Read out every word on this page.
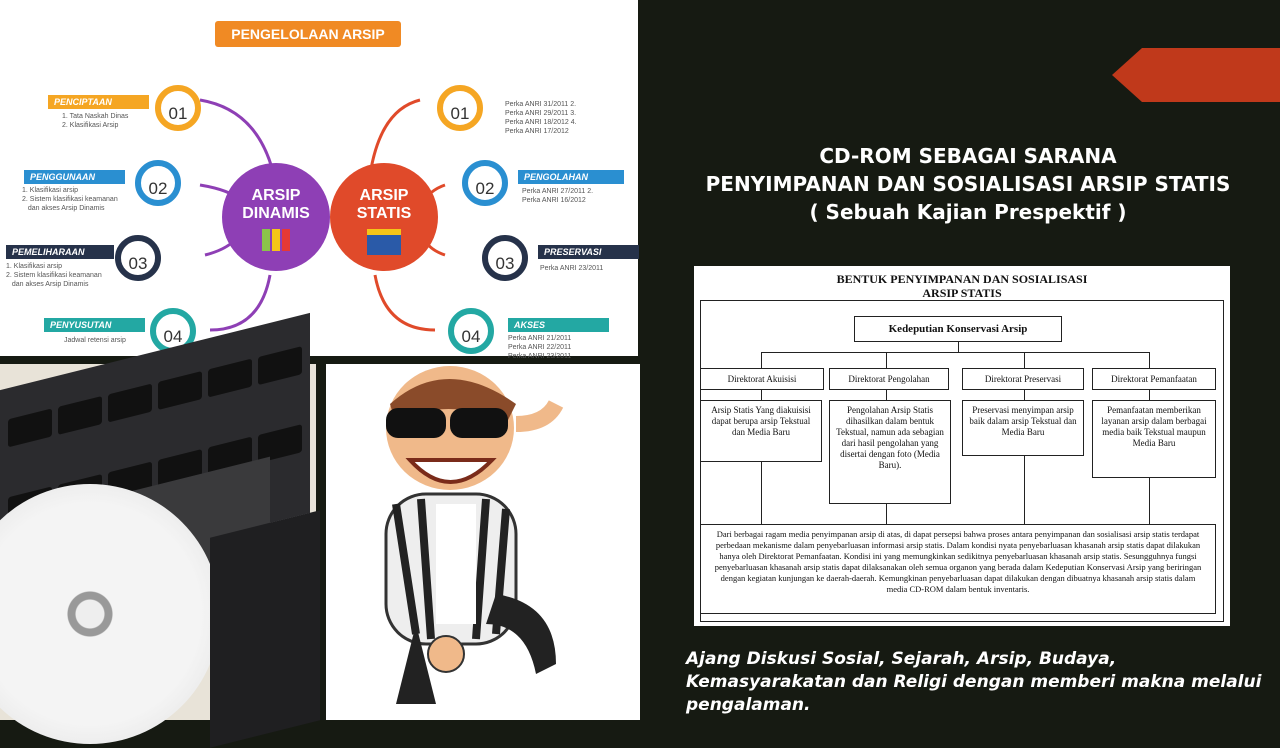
PENGELOLAAN ARSIP
PENCIPTAAN
1. Tata Naskah Dinas
2. Klasifikasi Arsip
01
PENGGUNAAN
1. Klasifikasi arsip
2. Sistem klasifikasi keamanan
dan akses Arsip Dinamis
02
PEMELIHARAAN
1. Klasifikasi arsip
2. Sistem klasifikasi keamanan
dan akses Arsip Dinamis
03
PENYUSUTAN
Jadwal retensi arsip	04
ARSIP
DINAMIS
ARSIP
STATIS
01	Perka ANRI 31/2011 2.
Perka ANRI 29/2011 3.
Perka ANRI 18/2012 4.
Perka ANRI 17/2012
02
PENGOLAHAN
Perka ANRI 27/2011 2.
Perka ANRI 16/2012
03
PRESERVASI
Perka ANRI 23/2011
04
AKSES
Perka ANRI 21/2011
Perka ANRI 22/2011
Perka ANRI 23/2011
CD-ROM SEBAGAI SARANA
PENYIMPANAN DAN SOSIALISASI ARSIP STATIS
( Sebuah Kajian Prespektif )
BENTUK PENYIMPANAN DAN SOSIALISASI
ARSIP STATIS
Kedeputian Konservasi Arsip
Direktorat Akuisisi	Direktorat Pengolahan	Direktorat Preservasi	Direktorat Pemanfaatan
Arsip Statis Yang diakuisisi dapat berupa arsip Tekstual dan Media Baru
Pengolahan Arsip Statis dihasilkan dalam bentuk Tekstual, namun ada sebagian dari hasil pengolahan yang disertai dengan foto (Media Baru).
Preservasi menyimpan arsip baik dalam arsip Tekstual dan Media Baru
Pemanfaatan memberikan layanan arsip dalam berbagai media baik Tekstual maupun Media Baru
Dari berbagai ragam media penyimpanan arsip di atas, di dapat persepsi bahwa proses antara penyimpanan dan sosialisasi arsip statis terdapat perbedaan mekanisme dalam penyebarluasan informasi arsip statis. Dalam kondisi nyata penyebarluasan khasanah arsip statis dapat dilakukan hanya oleh Direktorat Pemanfaatan. Kondisi ini yang memungkinkan sedikitnya penyebarluasan khasanah arsip statis. Sesungguhnya fungsi penyebarluasan khasanah arsip statis dapat dilaksanakan oleh semua organon yang berada dalam Kedeputian Konservasi Arsip yang beriringan dengan kegiatan kunjungan ke daerah-daerah. Kemungkinan penyebarluasan dapat dilakukan dengan dibuatnya khasanah arsip statis dalam media CD-ROM dalam bentuk inventaris.
Ajang Diskusi Sosial, Sejarah, Arsip, Budaya, Kemasyarakatan dan Religi dengan memberi makna melalui pengalaman.
